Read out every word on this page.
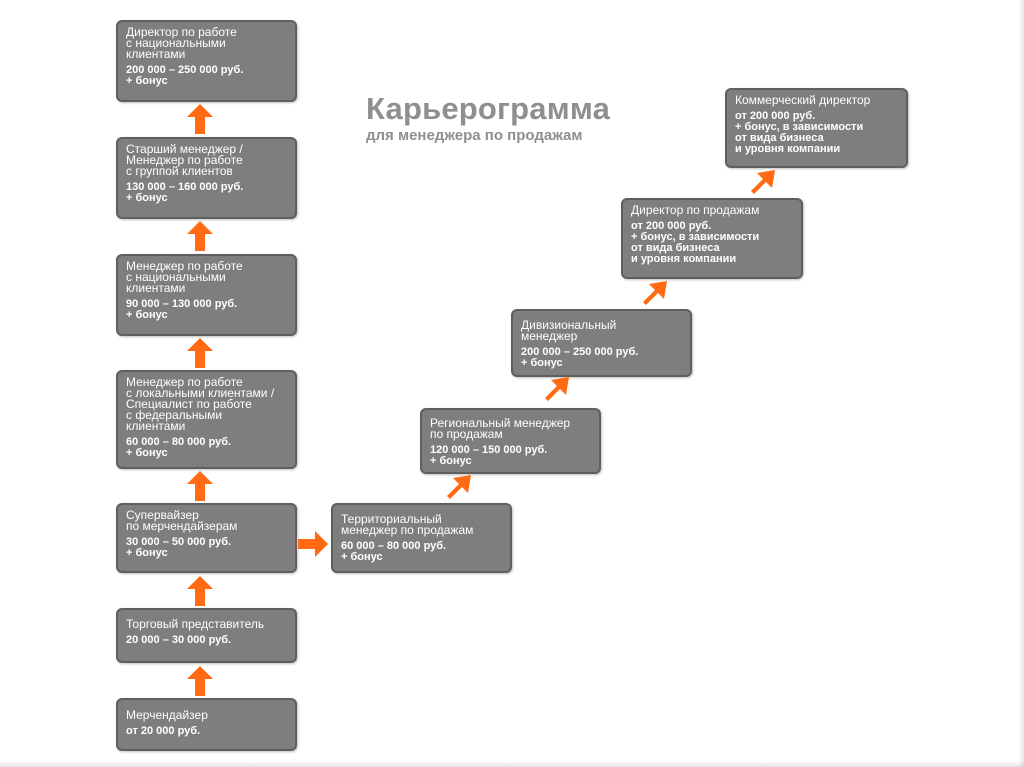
Карьерограмма
для менеджера по продажам
Директор по работе
с национальными
клиентами
200 000 – 250 000 руб.
+ бонус
Старший менеджер /
Менеджер по работе
с группой клиентов
130 000 – 160 000 руб.
+ бонус
Менеджер по работе
с национальными
клиентами
90 000 – 130 000 руб.
+ бонус
Менеджер по работе
с локальными клиентами /
Специалист по работе
с федеральными
клиентами
60 000 – 80 000 руб.
+ бонус
Супервайзер
по мерчендайзерам
30 000 – 50 000 руб.
+ бонус
Торговый представитель
20 000 – 30 000 руб.
Мерчендайзер
от 20 000 руб.
Территориальный
менеджер по продажам
60 000 – 80 000 руб.
+ бонус
Региональный менеджер
по продажам
120 000 – 150 000 руб.
+ бонус
Дивизиональный
менеджер
200 000 – 250 000 руб.
+ бонус
Директор по продажам
от 200 000 руб.
+ бонус, в зависимости
от вида бизнеса
и уровня компании
Коммерческий директор
от 200 000 руб.
+ бонус, в зависимости
от вида бизнеса
и уровня компании
